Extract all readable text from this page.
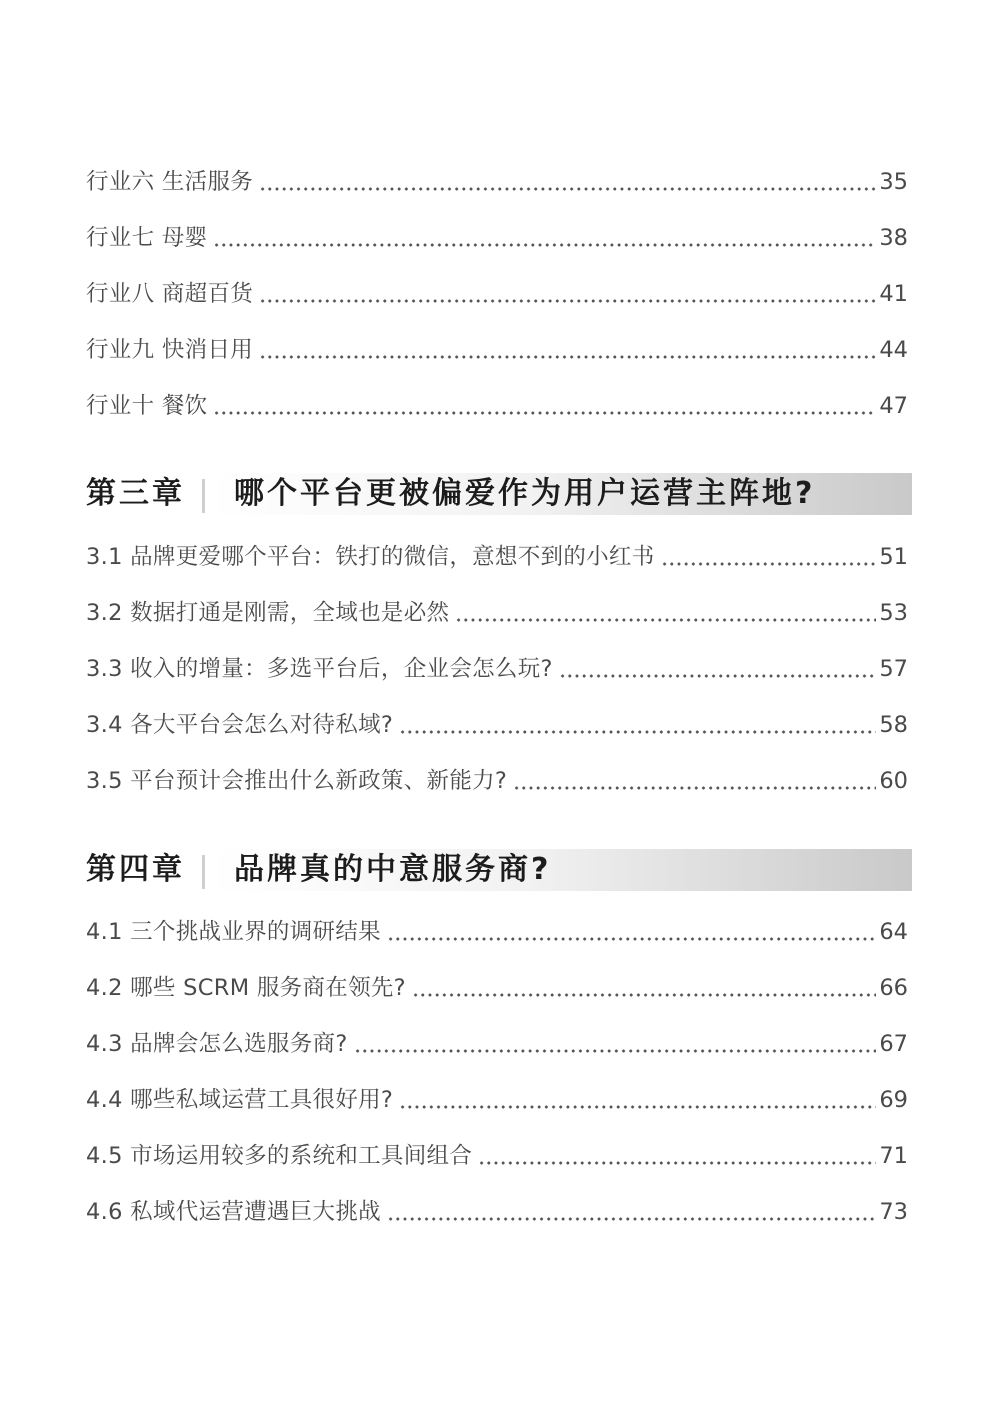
行业六 生活服务	35
行业七 母婴	38
行业八 商超百货	41
行业九 快消日用	44
行业十 餐饮	47
第三章 哪个平台更被偏爱作为用户运营主阵地?
3.1 品牌更爱哪个平台：铁打的微信，意想不到的小红书	51
3.2 数据打通是刚需，全域也是必然	53
3.3 收入的增量：多选平台后，企业会怎么玩?	57
3.4 各大平台会怎么对待私域?	58
3.5 平台预计会推出什么新政策、新能力?	60
第四章 品牌真的中意服务商?
4.1 三个挑战业界的调研结果	64
4.2 哪些 SCRM 服务商在领先?	66
4.3 品牌会怎么选服务商?	67
4.4 哪些私域运营工具很好用?	69
4.5 市场运用较多的系统和工具间组合	71
4.6 私域代运营遭遇巨大挑战	73
